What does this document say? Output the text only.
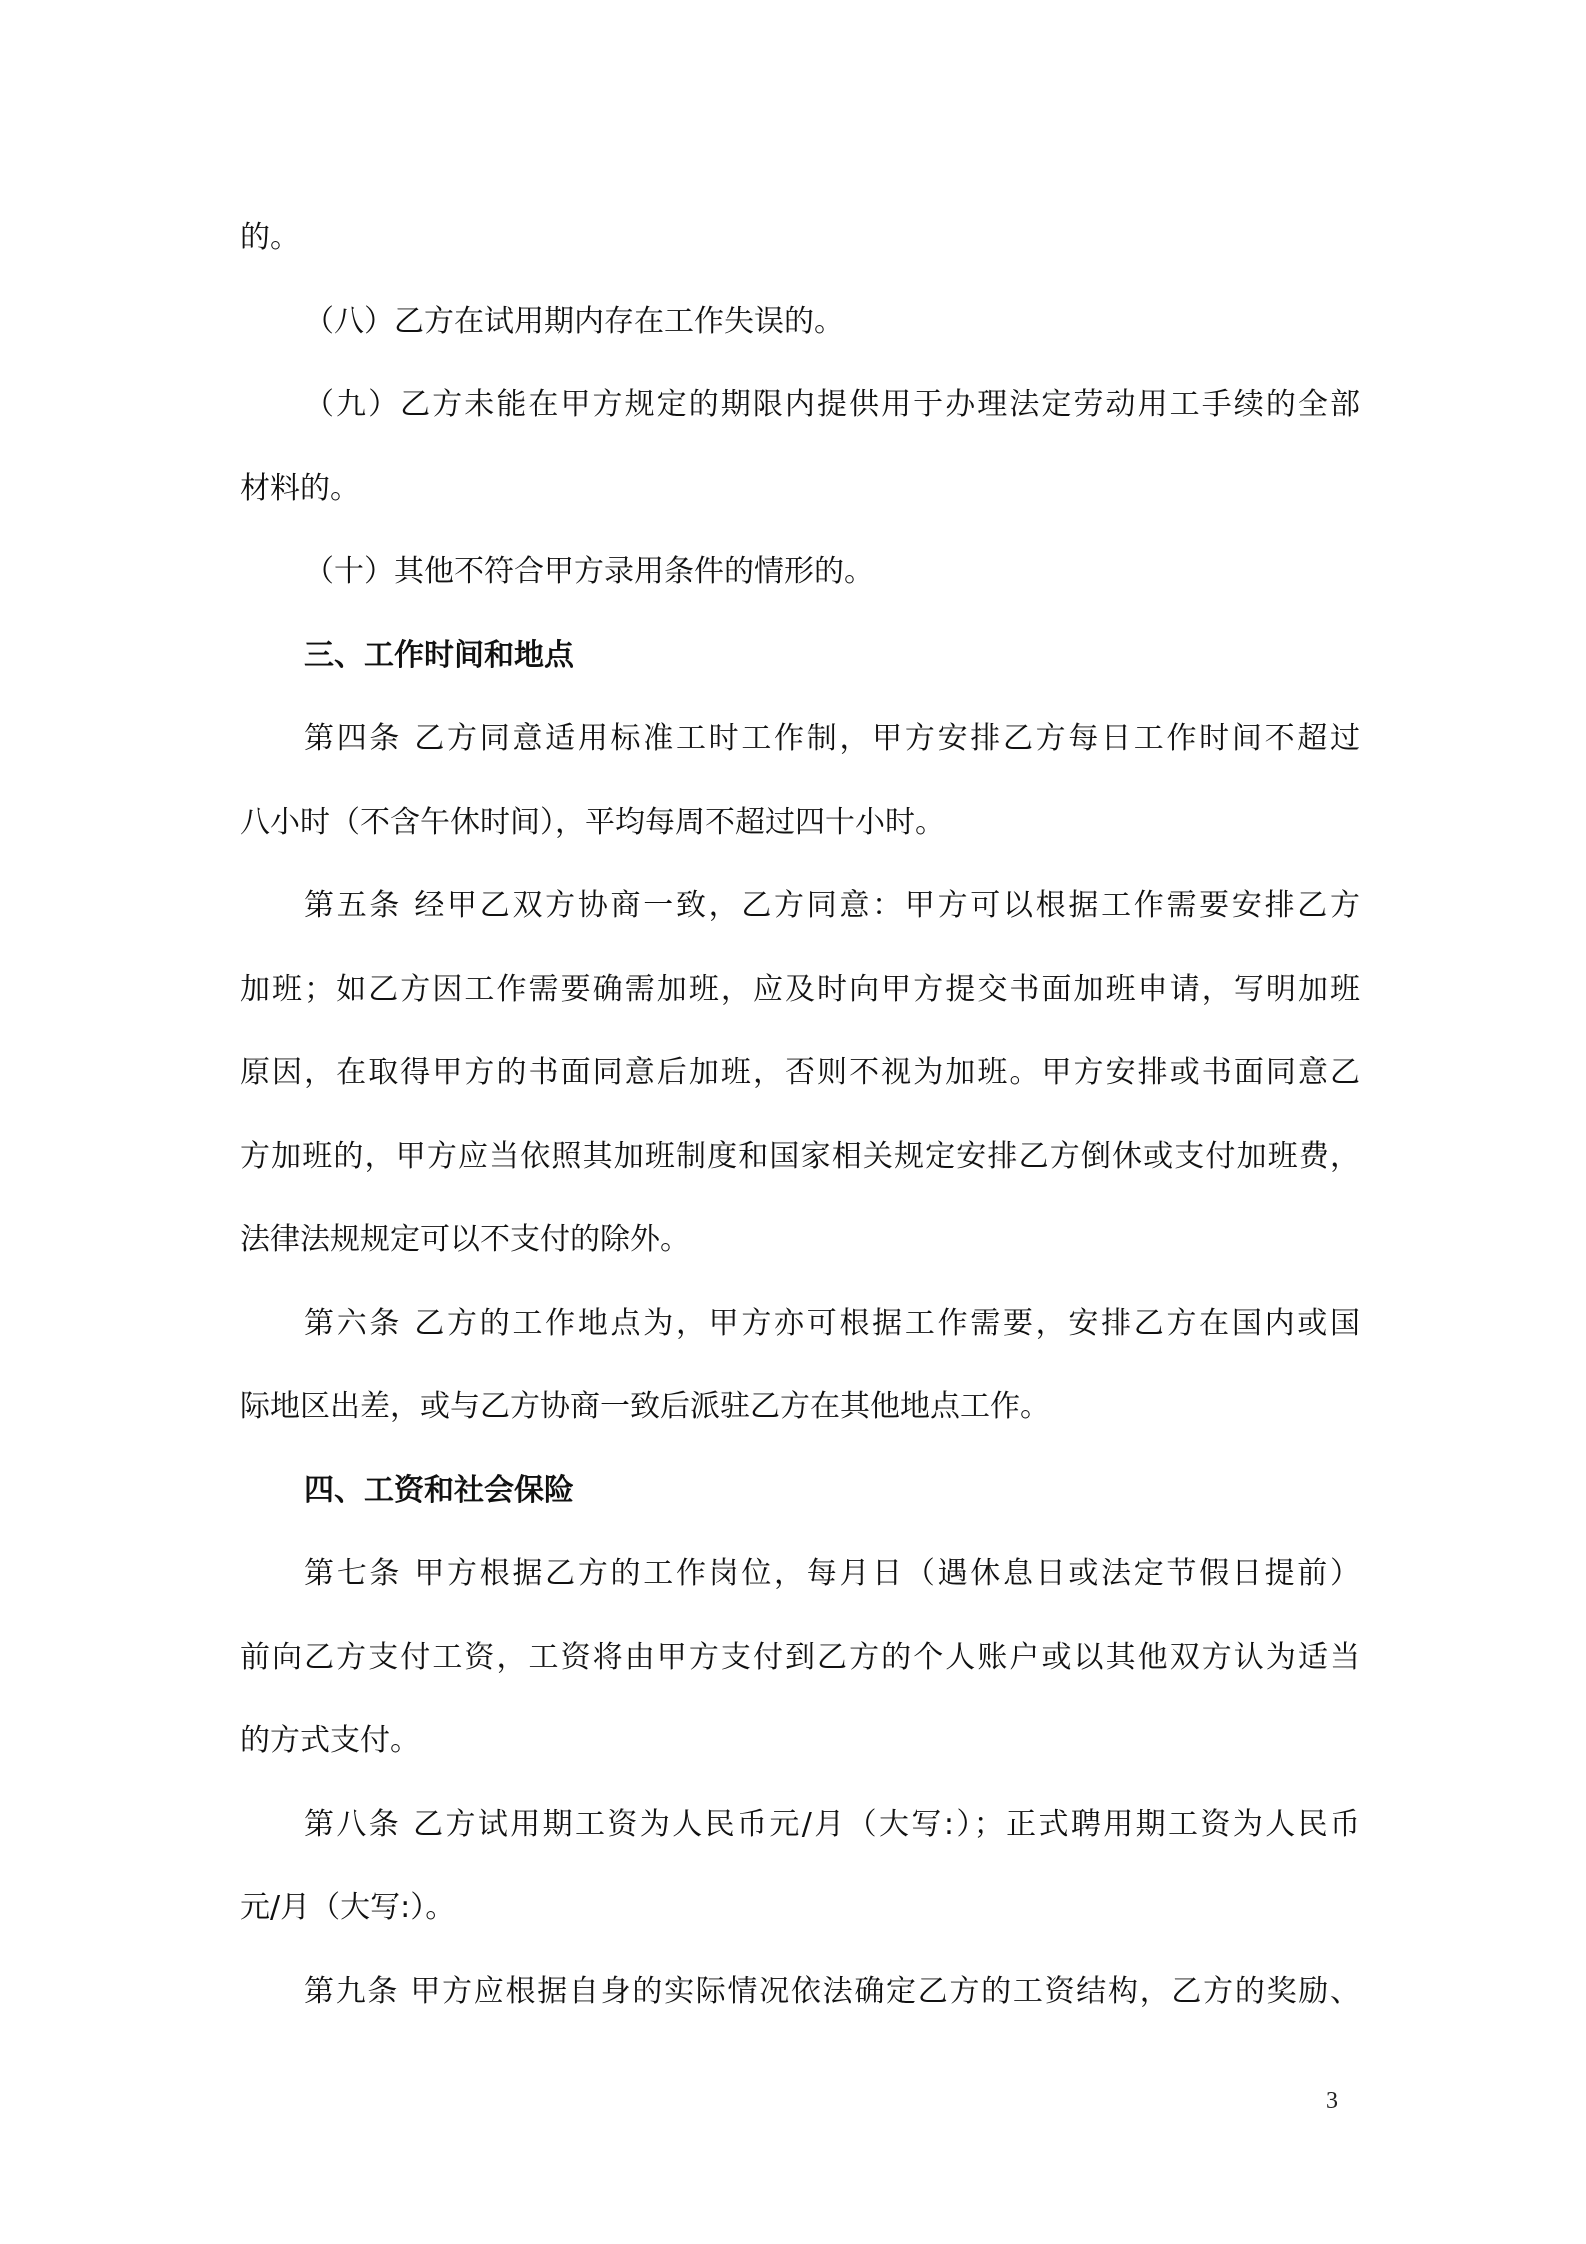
的。
（八）乙方在试用期内存在工作失误的。
（九）乙方未能在甲方规定的期限内提供用于办理法定劳动用工手续的全部
材料的。
（十）其他不符合甲方录用条件的情形的。
三、工作时间和地点
第四条 乙方同意适用标准工时工作制，甲方安排乙方每日工作时间不超过
八小时（不含午休时间），平均每周不超过四十小时。
第五条 经甲乙双方协商一致，乙方同意：甲方可以根据工作需要安排乙方
加班；如乙方因工作需要确需加班，应及时向甲方提交书面加班申请，写明加班
原因，在取得甲方的书面同意后加班，否则不视为加班。甲方安排或书面同意乙
方加班的，甲方应当依照其加班制度和国家相关规定安排乙方倒休或支付加班费，
法律法规规定可以不支付的除外。
第六条 乙方的工作地点为，甲方亦可根据工作需要，安排乙方在国内或国
际地区出差，或与乙方协商一致后派驻乙方在其他地点工作。
四、工资和社会保险
第七条 甲方根据乙方的工作岗位，每月日（遇休息日或法定节假日提前）
前向乙方支付工资，工资将由甲方支付到乙方的个人账户或以其他双方认为适当
的方式支付。
第八条 乙方试用期工资为人民币元/月（大写:）；正式聘用期工资为人民币
元/月（大写:）。
第九条 甲方应根据自身的实际情况依法确定乙方的工资结构，乙方的奖励、
3
